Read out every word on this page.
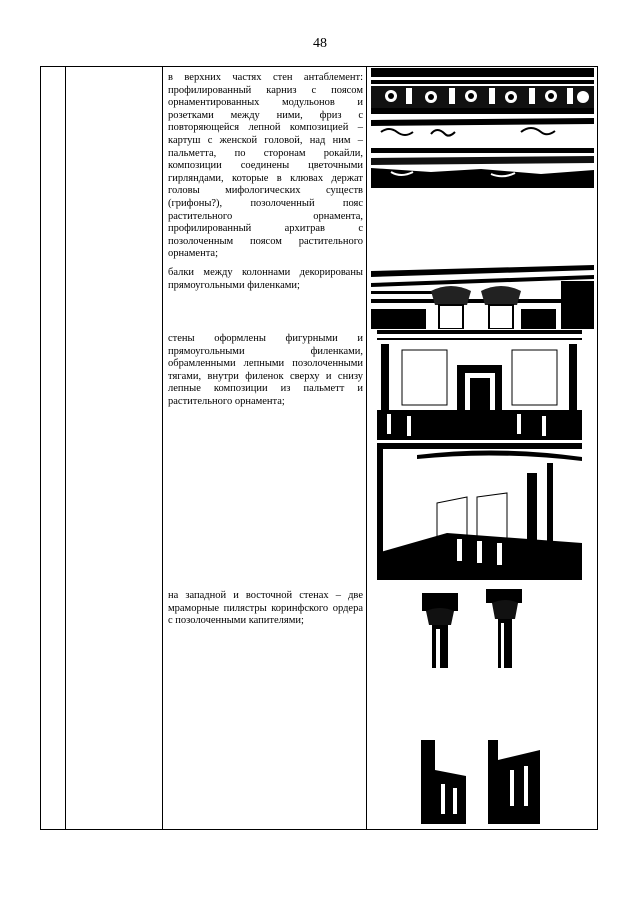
48
в верхних частях стен антаблемент: профилированный карниз с поясом орнаментированных модульонов и розетками между ними, фриз с повторяющейся лепной композицией – картуш с женской головой, над ним – пальметта, по сторонам рокайли, композиции соединены цветочными гирляндами, которые в клювах держат головы мифологических существ (грифоны?), позолоченный пояс растительного орнамента, профилированный архитрав с позолоченным поясом растительного орнамента;
балки между колоннами декорированы прямоугольными филенками;
стены оформлены фигурными и прямоугольными филенками, обрамленными лепными позолоченными тягами, внутри филенок сверху и снизу лепные композиции из пальметт и растительного орнамента;
на западной и восточной стенах – две мраморные пилястры коринфского ордера с позолоченными капителями;
